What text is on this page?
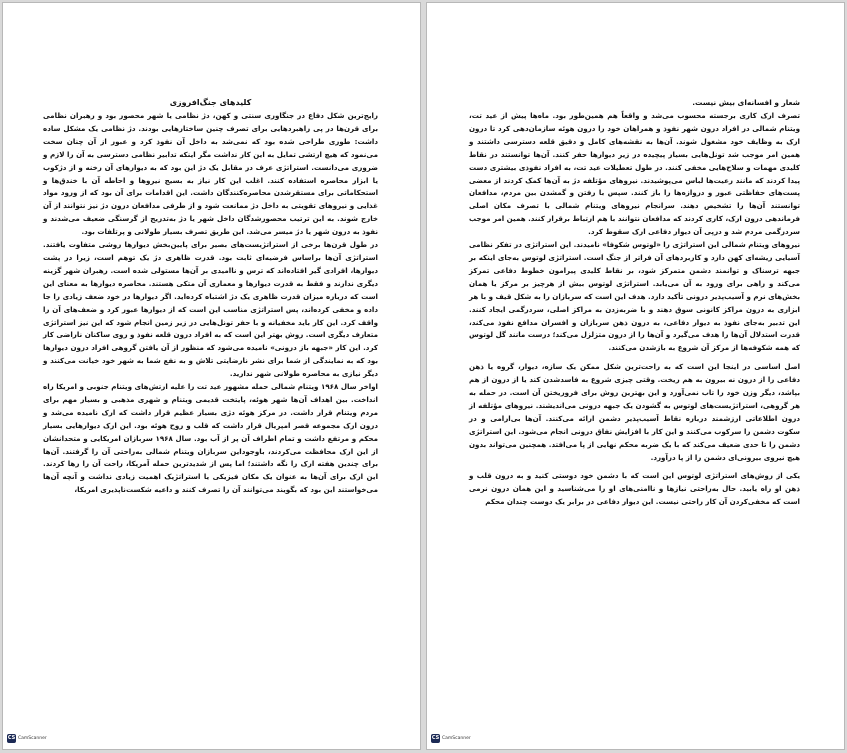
کلیدهای جنگ‌افروزی

رایج‌ترین شکل دفاع در جنگاوری سنتی و کهن، دژ نظامی یا شهر محصور بود و رهبران نظامی برای قرن‌ها در پی راهبردهایی برای تصرف چنین ساختارهایی بودند. دژ نظامی یک مشکل ساده داشت: طوری طراحی شده بود که نمی‌شد به داخل آن نفوذ کرد و عبور از آن چنان سخت می‌نمود که هیچ ارتشی تمایل به این کار نداشت مگر اینکه تدابیر نظامی دسترسی به آن را لازم و ضروری می‌دانست. استراتژی عرف در مقابل یک دژ این بود که به دیوارهای آن رخنه و از دژکوب یا ابزار محاصره استفاده کنند. اغلب این کار نیاز به بسیج نیروها و احاطه آن با خندق‌ها و استحکاماتی برای مستقرشدن محاصره‌کنندگان داشت. این اقدامات برای آن بود که از ورود مواد غذایی و نیروهای تقویتی به داخل دژ ممانعت شود و از طرفی مدافعان درون دژ نیز نتوانند از آن خارج شوند. به این ترتیب محصورشدگان داخل شهر یا دژ به‌تدریج از گرسنگی ضعیف می‌شدند و نفوذ به درون شهر یا دژ میسر می‌شد. این طریق تصرف بسیار طولانی و پرتلفات بود.

در طول قرن‌ها برخی از استراتژیست‌های بصیر برای پایین‌بخش دیوارها روشی متفاوت یافتند. استراتژی آن‌ها براساس فرضیه‌ای ثابت بود. قدرت ظاهری دژ یک توهم است، زیرا در پشت دیوارها، افرادی گیر افتاده‌اند که ترس و ناامیدی بر آن‌ها مستولی شده است. رهبران شهر گزینه دیگری ندارند و فقط به قدرت دیوارها و معماری آن متکی هستند. محاصره دیوارها به معنای این است که درباره میزان قدرت ظاهری یک دژ اشتباه کرده‌اید. اگر دیوارها در خود ضعف زیادی را جا داده و مخفی کرده‌اند، پس استراتژی مناسب این است که از دیوارها عبور کرد و ضعف‌های آن را واقف کرد. این کار باید مخفیانه و با حفر تونل‌هایی در زیر زمین انجام شود که این نیز استراتژی متعارف دیگری است. روش بهتر این است که به افراد درون قلعه نفوذ و روی ساکنان ناراضی کار کرد. این کار «جبهه باز درونی» نامیده می‌شود که منظور از آن یافتن گروهی افراد درون دیوارها بود که به نمایندگی از شما برای نشر نارضایتی تلاش و به نفع شما به شهر خود خیانت می‌کنند و دیگر نیازی به محاصره طولانی شهر ندارید.

اواخر سال ۱۹۶۸ ویتنام شمالی حمله مشهور عید تت را علیه ارتش‌های ویتنام جنوبی و امریکا راه انداخت. بین اهداف آن‌ها شهر هوئه، پایتخت قدیمی ویتنام و شهری مذهبی و بسیار مهم برای مردم ویتنام قرار داشت. در مرکز هوئه دژی بسیار عظیم قرار داشت که ارک نامیده می‌شد و درون ارک مجموعه قصر امپریال قرار داشت که قلب و روح هوئه بود. این ارک دیوارهایی بسیار محکم و مرتفع داشت و تمام اطراف آن پر از آب بود. سال ۱۹۶۸ سربازان امریکایی و متحدانشان از این ارک محافظت می‌کردند، باوجوداین سربازان ویتنام شمالی به‌راحتی آن را گرفتند. آن‌ها برای چندین هفته ارک را نگه داشتند؛ اما پس از شدیدترین حمله آمریکا، راحت آن را رها کردند. این ارک برای آن‌ها به عنوان یک مکان فیزیکی یا استراتژیک اهمیت زیادی نداشت و آنچه آن‌ها می‌خواستند این بود که بگویند می‌توانند آن را تصرف کنند و داعیه شکست‌ناپذیری امریکا،

CS CamScanner
شعار و افسانه‌ای بیش نیست.

تصرف ارک کاری برجسته محسوب می‌شد و واقعاً هم همین‌طور بود. ماه‌ها پیش از عید تت، ویتنام شمالی در افراد درون شهر نفوذ و همراهان خود را درون هوئه سازمان‌دهی کرد تا درون ارک به وظایف خود مشغول شوند. آن‌ها به نقشه‌های کامل و دقیق قلعه دسترسی داشتند و همین امر موجب شد تونل‌هایی بسیار پیچیده در زیر دیوارها حفر کنند. آن‌ها توانستند در نقاط کلیدی مهمات و سلاح‌هایی مخفی کنند. در طول تعطیلات عید تت، به افراد نفوذی بیشتری دست پیدا کردند که مانند رعیت‌ها لباس می‌پوشیدند. نیروهای مؤتلفه دژ به آن‌ها کمک کردند از معضی پست‌های حفاظتی عبور و دروازه‌ها را باز کنند. سپس با رفتن و گمشدن بین مردم، مدافعان توانستند آن‌ها را تشخیص دهند. سرانجام نیروهای ویتنام شمالی با تصرف مکان اصلی فرماندهی درون ارک، کاری کردند که مدافعان نتوانند با هم ارتباط برقرار کنند. همین امر موجب سردرگمی مردم شد و درپی آن دیوار دفاعی ارک سقوط کرد.

نیروهای ویتنام شمالی این استراتژی را «لوتوس شکوفا» نامیدند. این استراتژی در تفکر نظامی آسیایی ریشه‌ای کهن دارد و کاربردهای آن فراتر از جنگ است. استراتژی لوتوس به‌جای اینکه بر جبهه ترسناک و توانمند دشمن متمرکز شود، بر نقاط کلیدی پیرامون خطوط دفاعی تمرکز می‌کند و راهی برای ورود به آن می‌یابد. استراتژی لوتوس بیش از هرچیز بر مرکز یا همان بخش‌های نرم و آسیب‌پذیر درونی تأکید دارد. هدف این است که سربازان را به شکل قیف و با هر ابزاری به درون مراکز کانونی سوق دهند و با ضربه‌زدن به مراکز اصلی، سردرگمی ایجاد کنند. این تدبیر به‌جای نفوذ به دیوار دفاعی، به درون ذهن سربازان و افسران مدافع نفوذ می‌کند، قدرت استدلال آن‌ها را هدف می‌گیرد و آن‌ها را از درون متزلزل می‌کند؛ درست مانند گل لوتوس که همه شکوفه‌ها از مرکز آن شروع به بازشدن می‌کنند.

اصل اساسی در اینجا این است که به راحت‌ترین شکل ممکن یک سازه، دیوار، گروه یا ذهن دفاعی را از درون نه بیرون به هم ریخت. وقتی چیزی شروع به فاسدشدن کند یا از درون از هم بپاشد، دیگر وزن خود را تاب نمی‌آورد و این بهترین روش برای فروریختن آن است. در حمله به هر گروهی، استراتژیست‌های لوتوس به گشودن یک جبهه درونی می‌اندیشند. نیروهای مؤتلفه از درون اطلاعاتی ارزشمند درباره نقاط آسیب‌پذیر دشمن ارائه می‌کنند. آن‌ها بی‌ارامی و در سکوت دشمن را سرکوب می‌کنند و این کار با افزایش نفاق درونی انجام می‌شود. این استراتژی دشمن را تا حدی ضعیف می‌کند که با یک ضربه محکم نهایی از پا می‌افتد. همچنین می‌تواند بدون هیچ نیروی بیرونی‌ای دشمن را از پا درآورد.

یکی از روش‌های استراتژی لوتوس این است که با دشمن خود دوستی کنید و به درون قلب و ذهن او راه یابید. حال به‌راحتی نیازها و ناامنی‌های او را می‌شناسید و این همان درون نرمی است که مخفی‌کردن آن کار راحتی نیست. این دیوار دفاعی در برابر یک دوست چندان محکم

CS CamScanner
